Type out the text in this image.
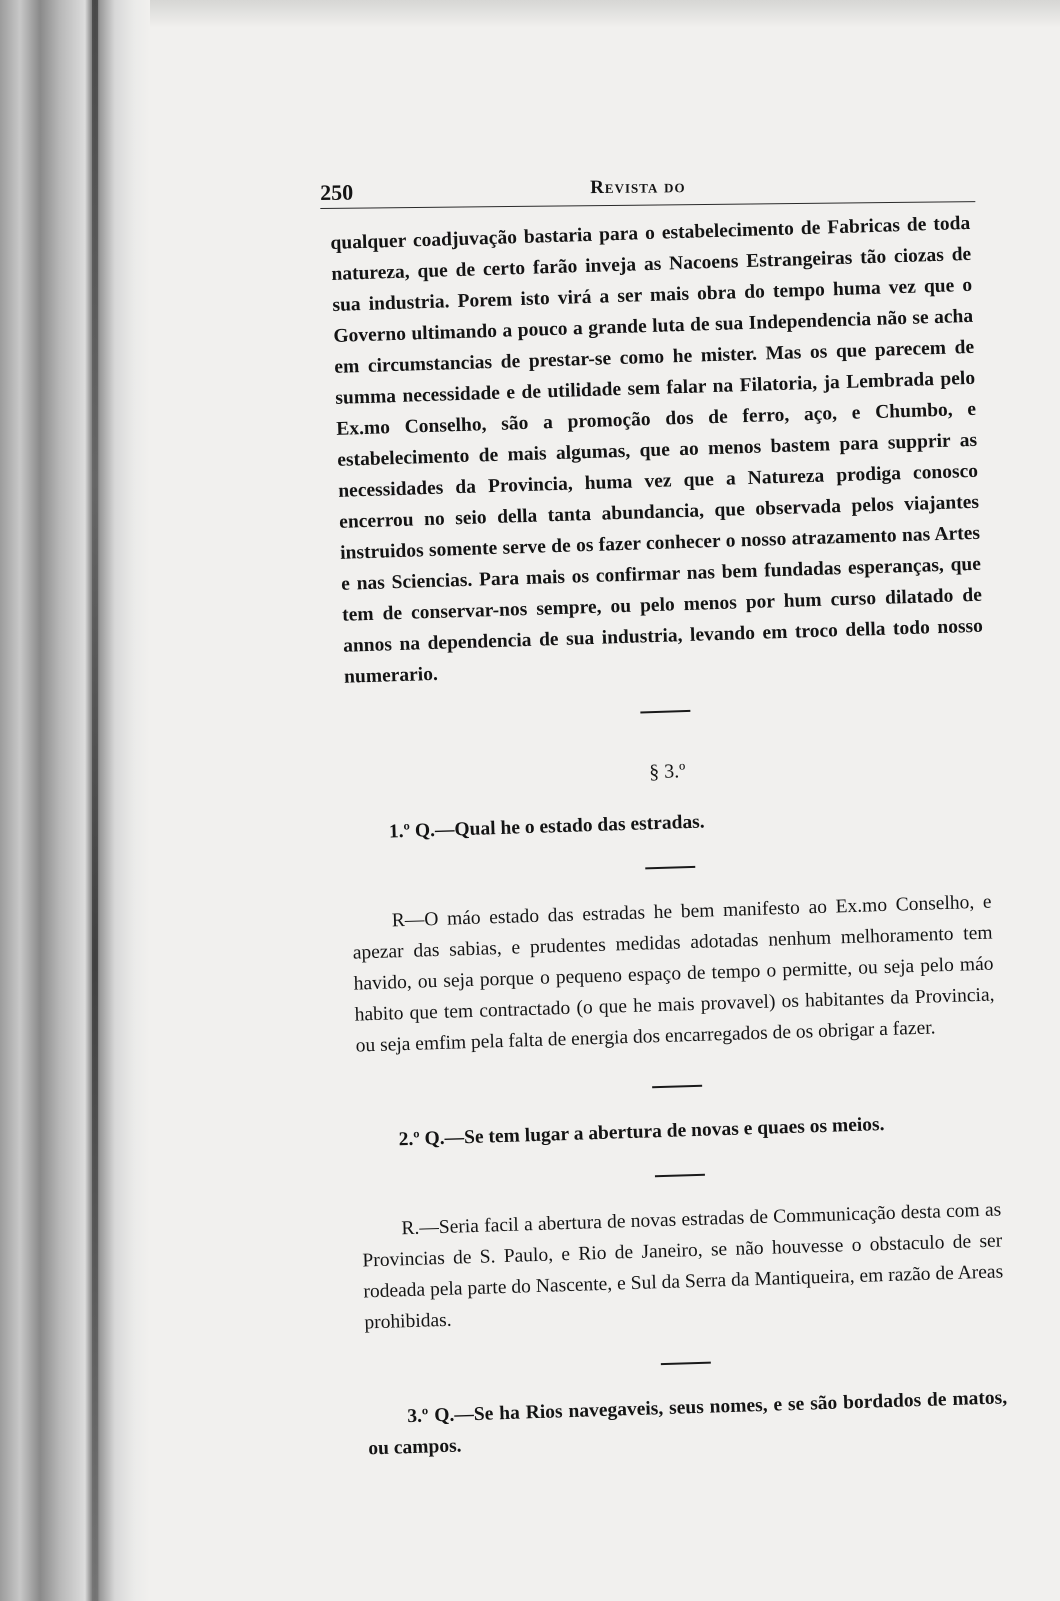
250	Revista do

qualquer coadjuvação bastaria para o estabelecimento de Fabricas de toda natureza, que de certo farão inveja as Nacoens Estrangeiras tão ciozas de sua industria. Porem isto virá a ser mais obra do tempo huma vez que o Governo ultimando a pouco a grande luta de sua Independencia não se acha em circumstancias de prestar-se como he mister. Mas os que parecem de summa necessidade e de utilidade sem falar na Filatoria, ja Lembrada pelo Ex.mo Conselho, são a promoção dos de ferro, aço, e Chumbo, e estabelecimento de mais algumas, que ao menos bastem para supprir as necessidades da Provincia, huma vez que a Natureza prodiga conosco encerrou no seio della tanta abundancia, que observada pelos viajantes instruidos somente serve de os fazer conhecer o nosso atrazamento nas Artes e nas Sciencias. Para mais os confirmar nas bem fundadas esperanças, que tem de conservar-nos sempre, ou pelo menos por hum curso dilatado de annos na dependencia de sua industria, levando em troco della todo nosso numerario.

§ 3.º

1.º Q.—Qual he o estado das estradas.

R—O máo estado das estradas he bem manifesto ao Ex.mo Conselho, e apezar das sabias, e prudentes medidas adotadas nenhum melhoramento tem havido, ou seja porque o pequeno espaço de tempo o permitte, ou seja pelo máo habito que tem contractado (o que he mais provavel) os habitantes da Provincia, ou seja emfim pela falta de energia dos encarregados de os obrigar a fazer.

2.º Q.—Se tem lugar a abertura de novas e quaes os meios.

R.—Seria facil a abertura de novas estradas de Communicação desta com as Provincias de S. Paulo, e Rio de Janeiro, se não houvesse o obstaculo de ser rodeada pela parte do Nascente, e Sul da Serra da Mantiqueira, em razão de Areas prohibidas.

3.º Q.—Se ha Rios navegaveis, seus nomes, e se são bordados de matos, ou campos.
